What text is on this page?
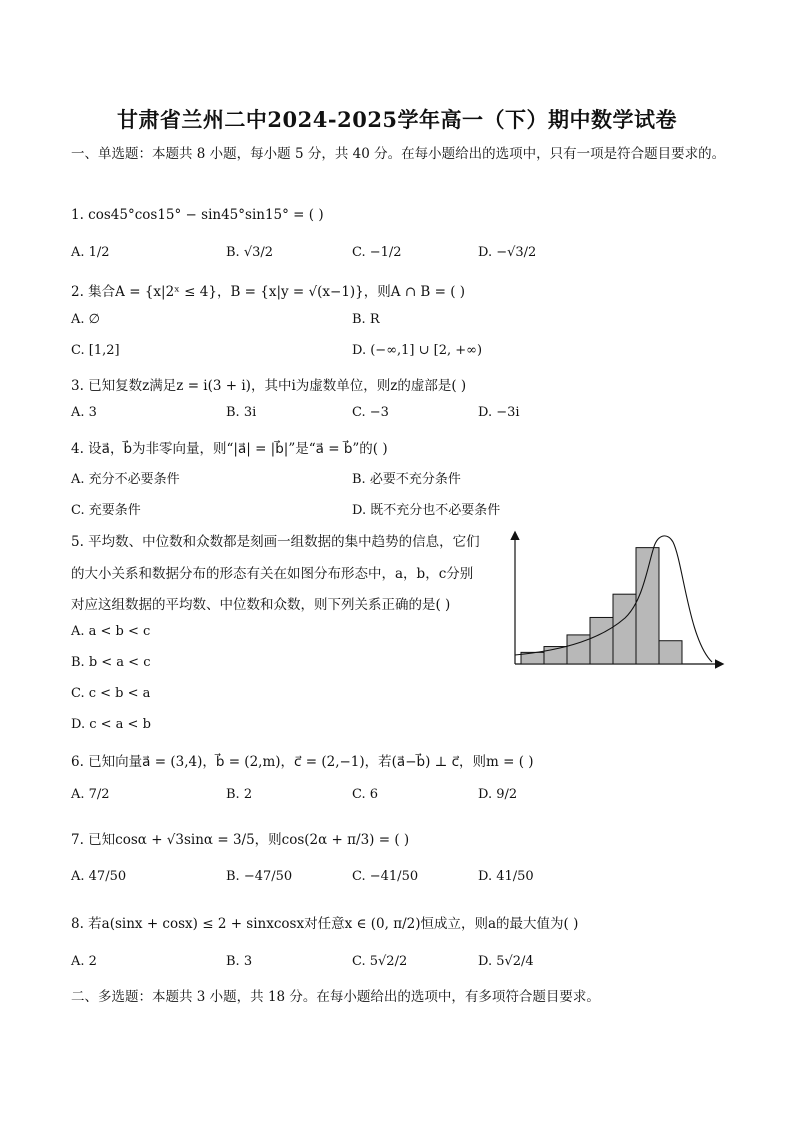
甘肃省兰州二中2024-2025学年高一（下）期中数学试卷
一、单选题：本题共 8 小题，每小题 5 分，共 40 分。在每小题给出的选项中，只有一项是符合题目要求的。
1. cos45°cos15° − sin45°sin15° = ( )
A. 1/2	B. √3/2	C. −1/2	D. −√3/2
2. 集合A = {x|2ˣ ≤ 4}，B = {x|y = √(x−1)}，则A ∩ B = ( )
A. ∅	B. R
C. [1,2]	D. (−∞,1] ∪ [2, +∞)
3. 已知复数z满足z = i(3 + i)，其中i为虚数单位，则z的虚部是( )
A. 3	B. 3i	C. −3	D. −3i
4. 设a⃗，b⃗为非零向量，则“|a⃗| = |b⃗|”是“a⃗ = b⃗”的( )
A. 充分不必要条件	B. 必要不充分条件
C. 充要条件	D. 既不充分也不必要条件
5. 平均数、中位数和众数都是刻画一组数据的集中趋势的信息，它们
的大小关系和数据分布的形态有关在如图分布形态中，a，b，c分别
对应这组数据的平均数、中位数和众数，则下列关系正确的是( )
A. a < b < c
B. b < a < c
C. c < b < a
D. c < a < b
6. 已知向量a⃗ = (3,4)，b⃗ = (2,m)，c⃗ = (2,−1)，若(a⃗−b⃗) ⊥ c⃗，则m = ( )
A. 7/2	B. 2	C. 6	D. 9/2
7. 已知cosα + √3sinα = 3/5，则cos(2α + π/3) = ( )
A. 47/50	B. −47/50	C. −41/50	D. 41/50
8. 若a(sinx + cosx) ≤ 2 + sinxcosx对任意x ∈ (0, π/2)恒成立，则a的最大值为( )
A. 2	B. 3	C. 5√2/2	D. 5√2/4
二、多选题：本题共 3 小题，共 18 分。在每小题给出的选项中，有多项符合题目要求。
